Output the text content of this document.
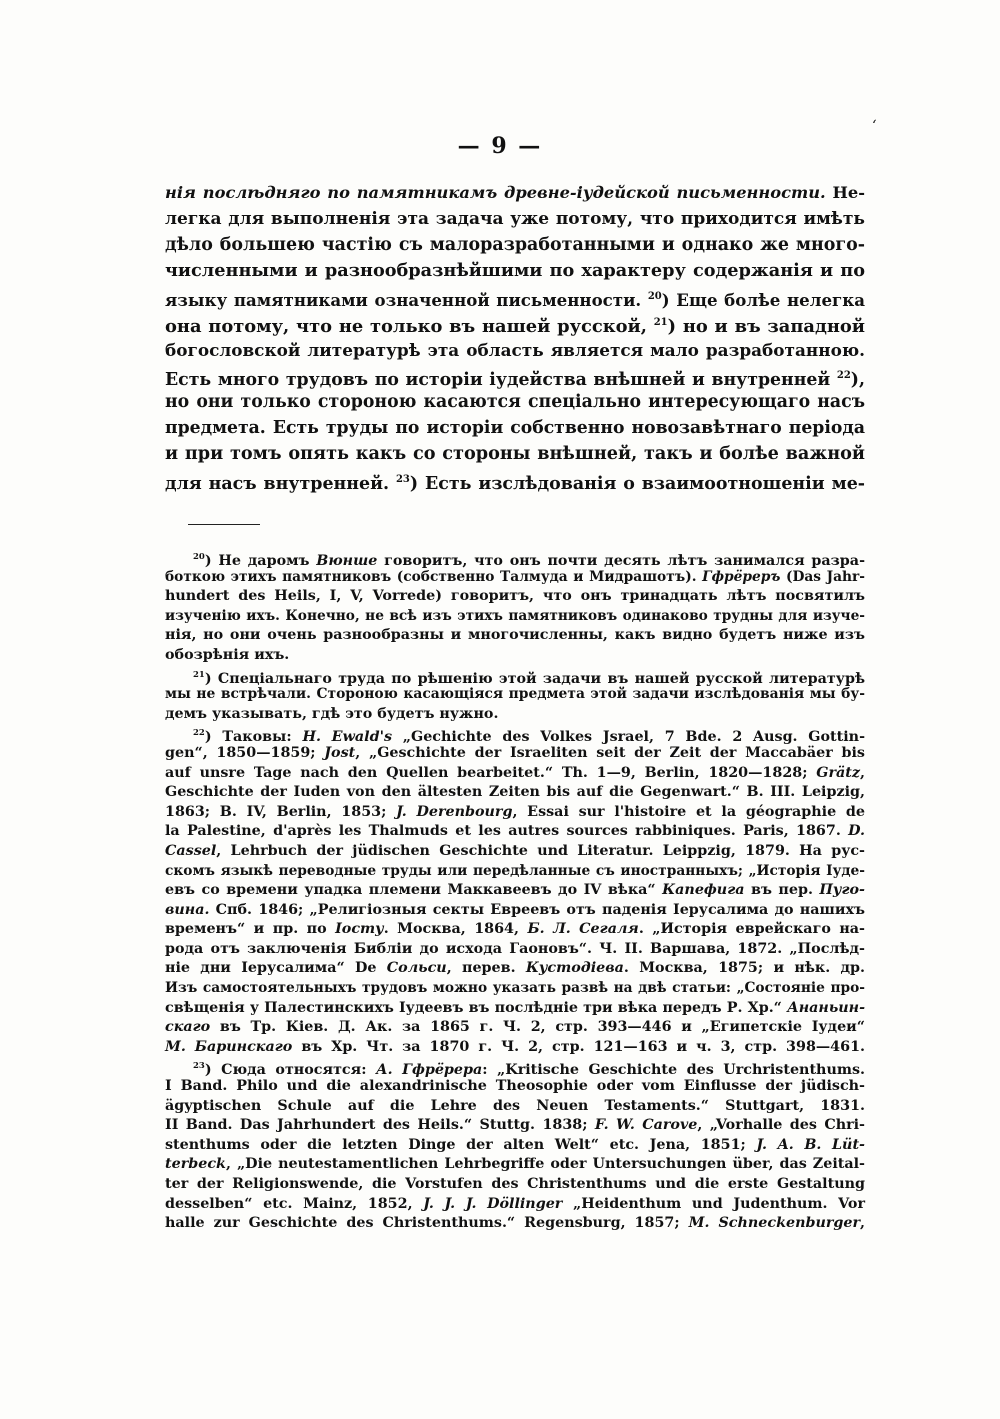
‘
— 9 —
нія послѣдняго по памятникамъ древне-іудейской письменности. Не-
легка для выполненія эта задача уже потому, что приходится имѣть
дѣло большею частію съ малоразработанными и однако же много-
численными и разнообразнѣйшими по характеру содержанія и по
языку памятниками означенной письменности. $^{20}$) Еще болѣе нелегка
она потому, что не только въ нашей русской, $^{21}$) но и въ западной
богословской литературѣ эта область является мало разработанною.
Есть много трудовъ по исторіи іудейства внѣшней и внутренней $^{22}$),
но они только стороною касаются спеціально интересующаго насъ
предмета. Есть труды по исторіи собственно новозавѣтнаго періода
и при томъ опять какъ со стороны внѣшней, такъ и болѣе важной
для насъ внутренней. $^{23}$) Есть изслѣдованія о взаимоотношеніи ме-
$^{20}$) Не даромъ Вюнше говоритъ, что онъ почти десять лѣтъ занимался разра-
боткою этихъ памятниковъ (собственно Талмуда и Мидрашотъ). Гфрёреръ (Das Jahr-
hundert des Heils, I, V, Vorrede) говоритъ, что онъ тринадцать лѣтъ посвятилъ
изученію ихъ. Конечно, не всѣ изъ этихъ памятниковъ одинаково трудны для изуче-
нія, но они очень разнообразны и многочисленны, какъ видно будетъ ниже изъ
обозрѣнія ихъ.
$^{21}$) Спеціальнаго труда по рѣшенію этой задачи въ нашей русской литературѣ
мы не встрѣчали. Стороною касающіяся предмета этой задачи изслѣдованія мы бу-
демъ указывать, гдѣ это будетъ нужно.
$^{22}$) Таковы: H. Ewald's „Gechichte des Volkes Jsrael, 7 Bde. 2 Ausg. Gottin-
gen“, 1850—1859; Jost, „Geschichte der Israeliten seit der Zeit der Maccabäer bis
auf unsre Tage nach den Quellen bearbeitet.“ Th. 1—9, Berlin, 1820—1828; Grätz,
Geschichte der Iuden von den ältesten Zeiten bis auf die Gegenwart.“ B. III. Leipzig,
1863; B. IV, Berlin, 1853; J. Derenbourg, Essai sur l'histoire et la géographie de
la Palestine, d'après les Thalmuds et les autres sources rabbiniques. Paris, 1867. D.
Cassel, Lehrbuch der jüdischen Geschichte und Literatur. Leippzig, 1879. На рус-
скомъ языкѣ переводные труды или передѣланные съ иностранныхъ; „Исторія Іуде-
евъ со времени упадка племени Маккавеевъ до IV вѣка“ Капефига въ пер. Пуго-
вина. Спб. 1846; „Религіозныя секты Евреевъ отъ паденія Іерусалима до нашихъ
временъ“ и пр. по Іосту. Москва, 1864, Б. Л. Сегаля. „Исторія еврейскаго на-
рода отъ заключенія Библіи до исхода Гаоновъ“. Ч. II. Варшава, 1872. „Послѣд-
ніе дни Іерусалима“ De Сольси, перев. Кустодіева. Москва, 1875; и нѣк. др.
Изъ самостоятельныхъ трудовъ можно указать развѣ на двѣ статьи: „Состояніе про-
свѣщенія у Палестинскихъ Іудеевъ въ послѣдніе три вѣка передъ Р. Хр.“ Ананьин-
скаго въ Тр. Кіев. Д. Ак. за 1865 г. Ч. 2, стр. 393—446 и „Египетскіе Іудеи“
М. Баринскаго въ Хр. Чт. за 1870 г. Ч. 2, стр. 121—163 и ч. 3, стр. 398—461.
$^{23}$) Сюда относятся: А. Гфрёрера: „Kritische Geschichte des Urchristenthums.
I Band. Philo und die alexandrinische Theosophie oder vom Einflusse der jüdisch-
ägyptischen Schule auf die Lehre des Neuen Testaments.“ Stuttgart, 1831.
II Band. Das Jahrhundert des Heils.“ Stuttg. 1838; F. W. Carove, „Vorhalle des Chri-
stenthums oder die letzten Dinge der alten Welt“ etc. Jena, 1851; J. A. B. Lüt-
terbeck, „Die neutestamentlichen Lehrbegriffe oder Untersuchungen über, das Zeital-
ter der Religionswende, die Vorstufen des Christenthums und die erste Gestaltung
desselben“ etc. Mainz, 1852, J. J. J. Döllinger „Heidenthum und Judenthum. Vor
halle zur Geschichte des Christenthums.“ Regensburg, 1857; M. Schneckenburger,
